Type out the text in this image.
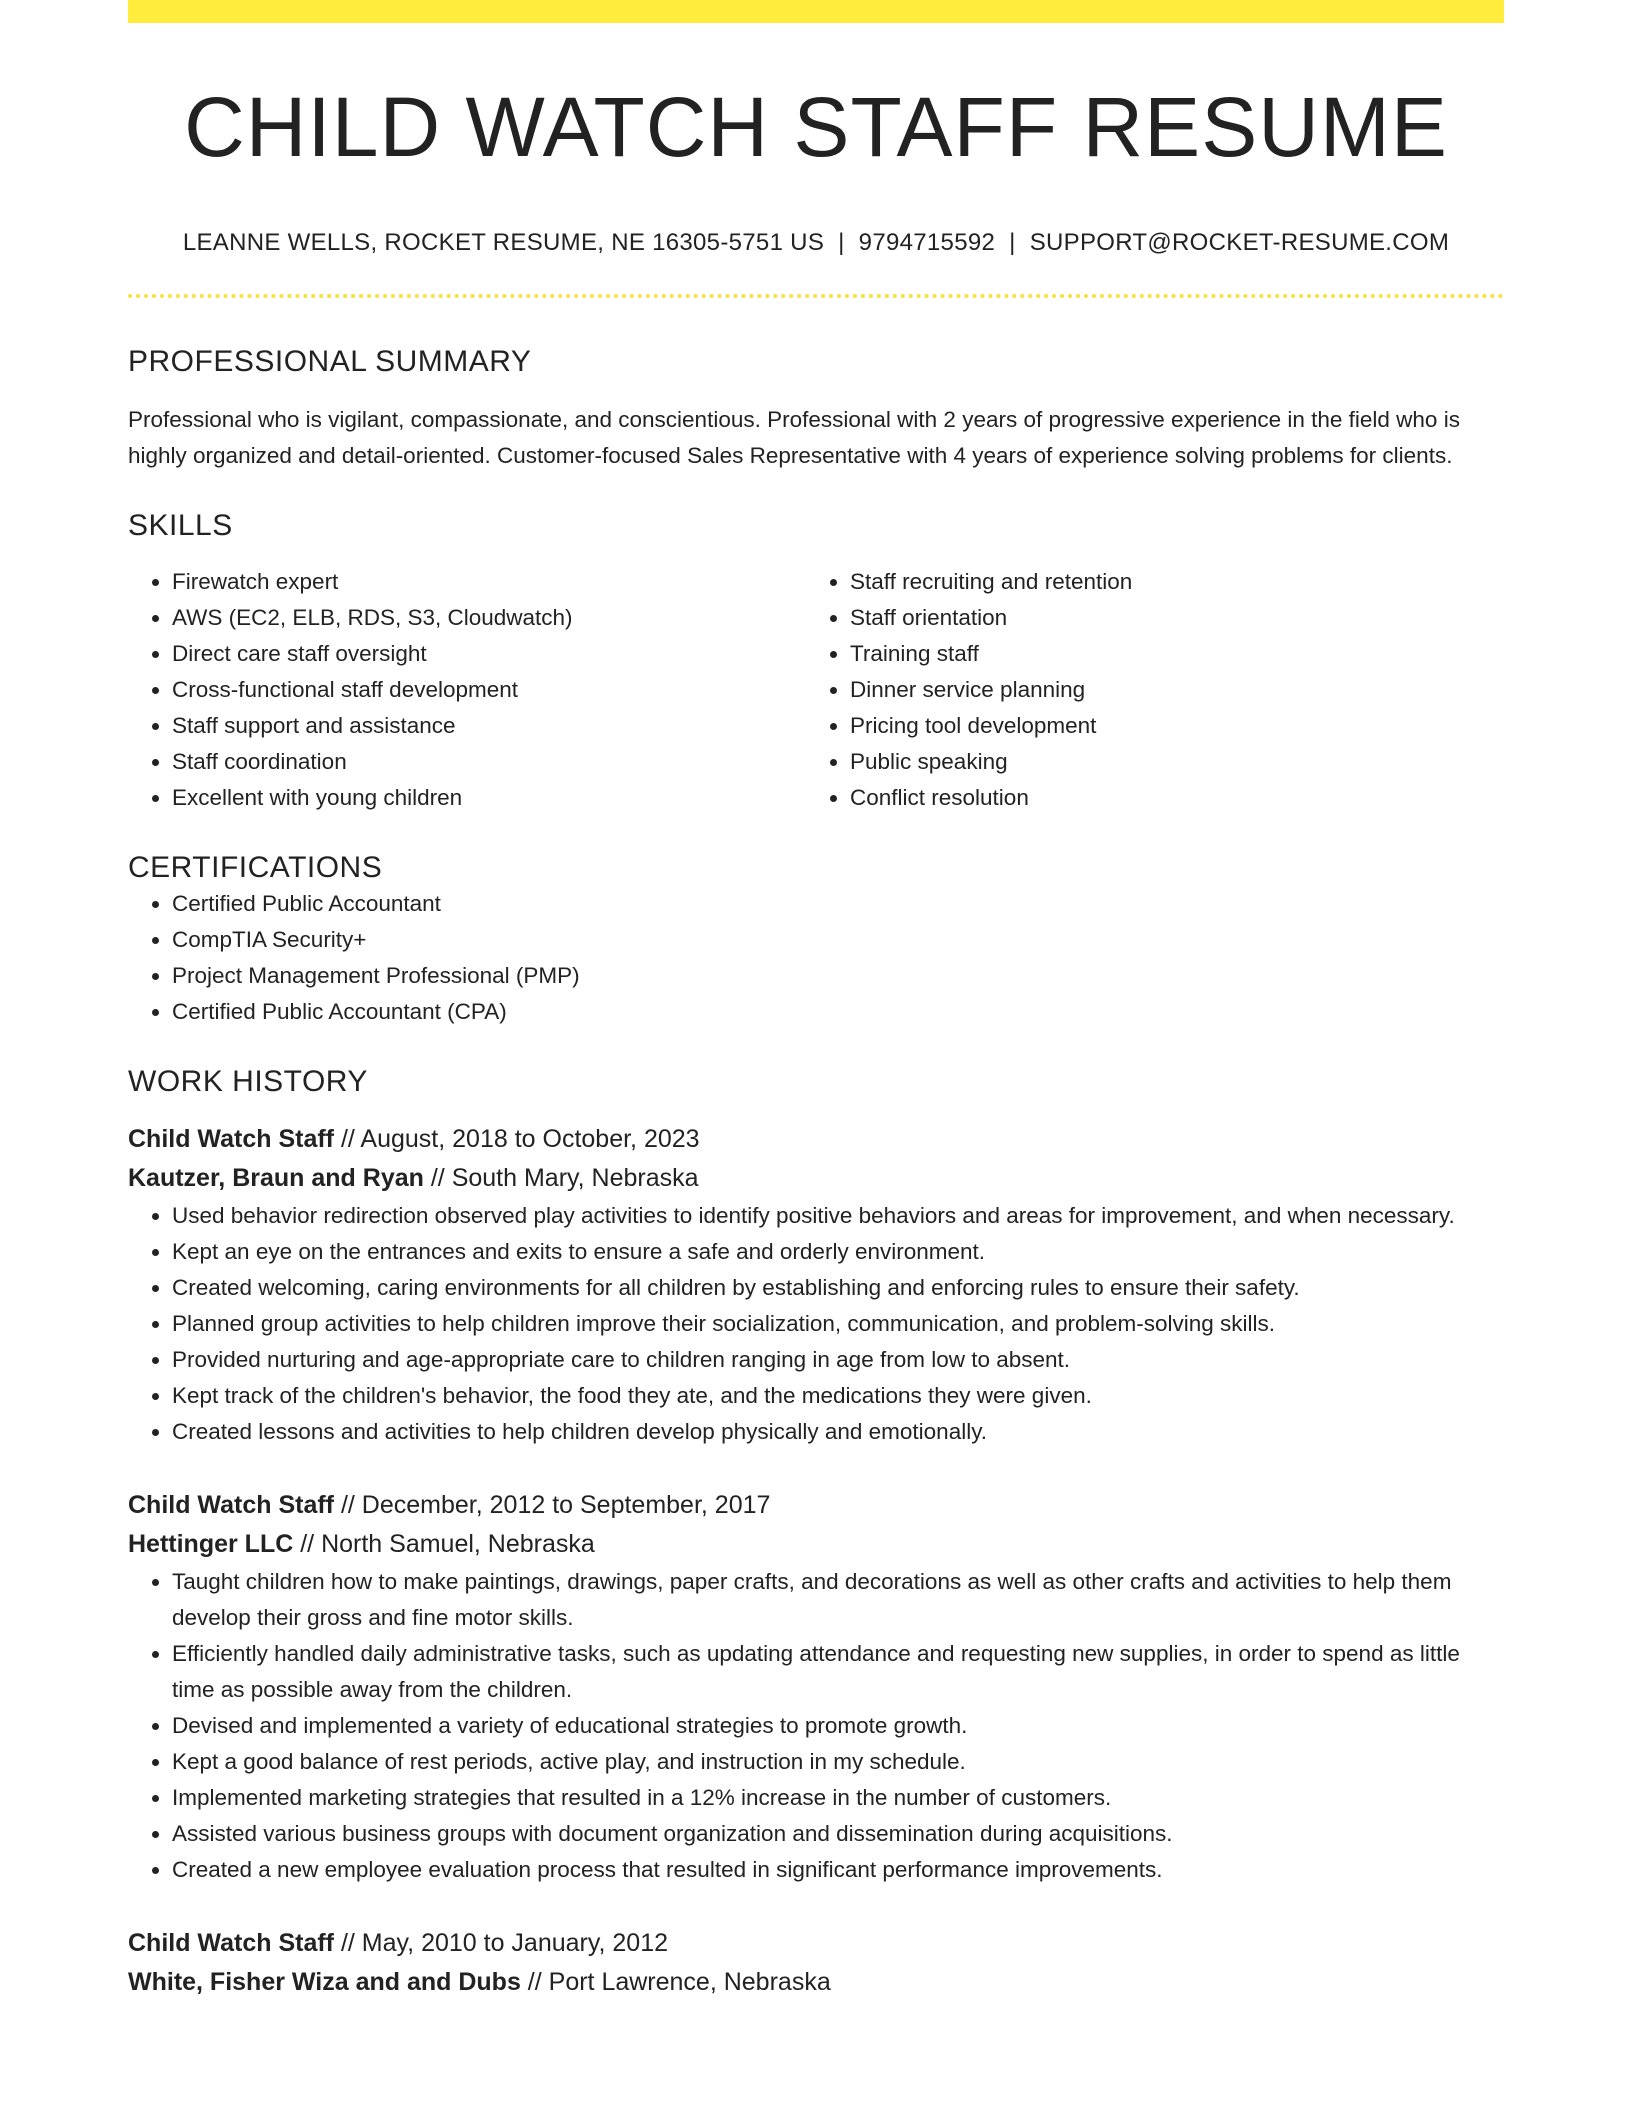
CHILD WATCH STAFF RESUME
LEANNE WELLS, ROCKET RESUME, NE 16305-5751 US | 9794715592 | SUPPORT@ROCKET-RESUME.COM
PROFESSIONAL SUMMARY

Professional who is vigilant, compassionate, and conscientious. Professional with 2 years of progressive experience in the field who is highly organized and detail-oriented. Customer-focused Sales Representative with 4 years of experience solving problems for clients.

SKILLS
• Firewatch expert
• AWS (EC2, ELB, RDS, S3, Cloudwatch)
• Direct care staff oversight
• Cross-functional staff development
• Staff support and assistance
• Staff coordination
• Excellent with young children
• Staff recruiting and retention
• Staff orientation
• Training staff
• Dinner service planning
• Pricing tool development
• Public speaking
• Conflict resolution
CERTIFICATIONS
• Certified Public Accountant
• CompTIA Security+
• Project Management Professional (PMP)
• Certified Public Accountant (CPA)
WORK HISTORY
Child Watch Staff // August, 2018 to October, 2023
Kautzer, Braun and Ryan // South Mary, Nebraska
• Used behavior redirection observed play activities to identify positive behaviors and areas for improvement, and when necessary.
• Kept an eye on the entrances and exits to ensure a safe and orderly environment.
• Created welcoming, caring environments for all children by establishing and enforcing rules to ensure their safety.
• Planned group activities to help children improve their socialization, communication, and problem-solving skills.
• Provided nurturing and age-appropriate care to children ranging in age from low to absent.
• Kept track of the children's behavior, the food they ate, and the medications they were given.
• Created lessons and activities to help children develop physically and emotionally.
Child Watch Staff // December, 2012 to September, 2017
Hettinger LLC // North Samuel, Nebraska
• Taught children how to make paintings, drawings, paper crafts, and decorations as well as other crafts and activities to help them develop their gross and fine motor skills.
• Efficiently handled daily administrative tasks, such as updating attendance and requesting new supplies, in order to spend as little time as possible away from the children.
• Devised and implemented a variety of educational strategies to promote growth.
• Kept a good balance of rest periods, active play, and instruction in my schedule.
• Implemented marketing strategies that resulted in a 12% increase in the number of customers.
• Assisted various business groups with document organization and dissemination during acquisitions.
• Created a new employee evaluation process that resulted in significant performance improvements.
Child Watch Staff // May, 2010 to January, 2012
White, Fisher Wiza and and Dubs // Port Lawrence, Nebraska
